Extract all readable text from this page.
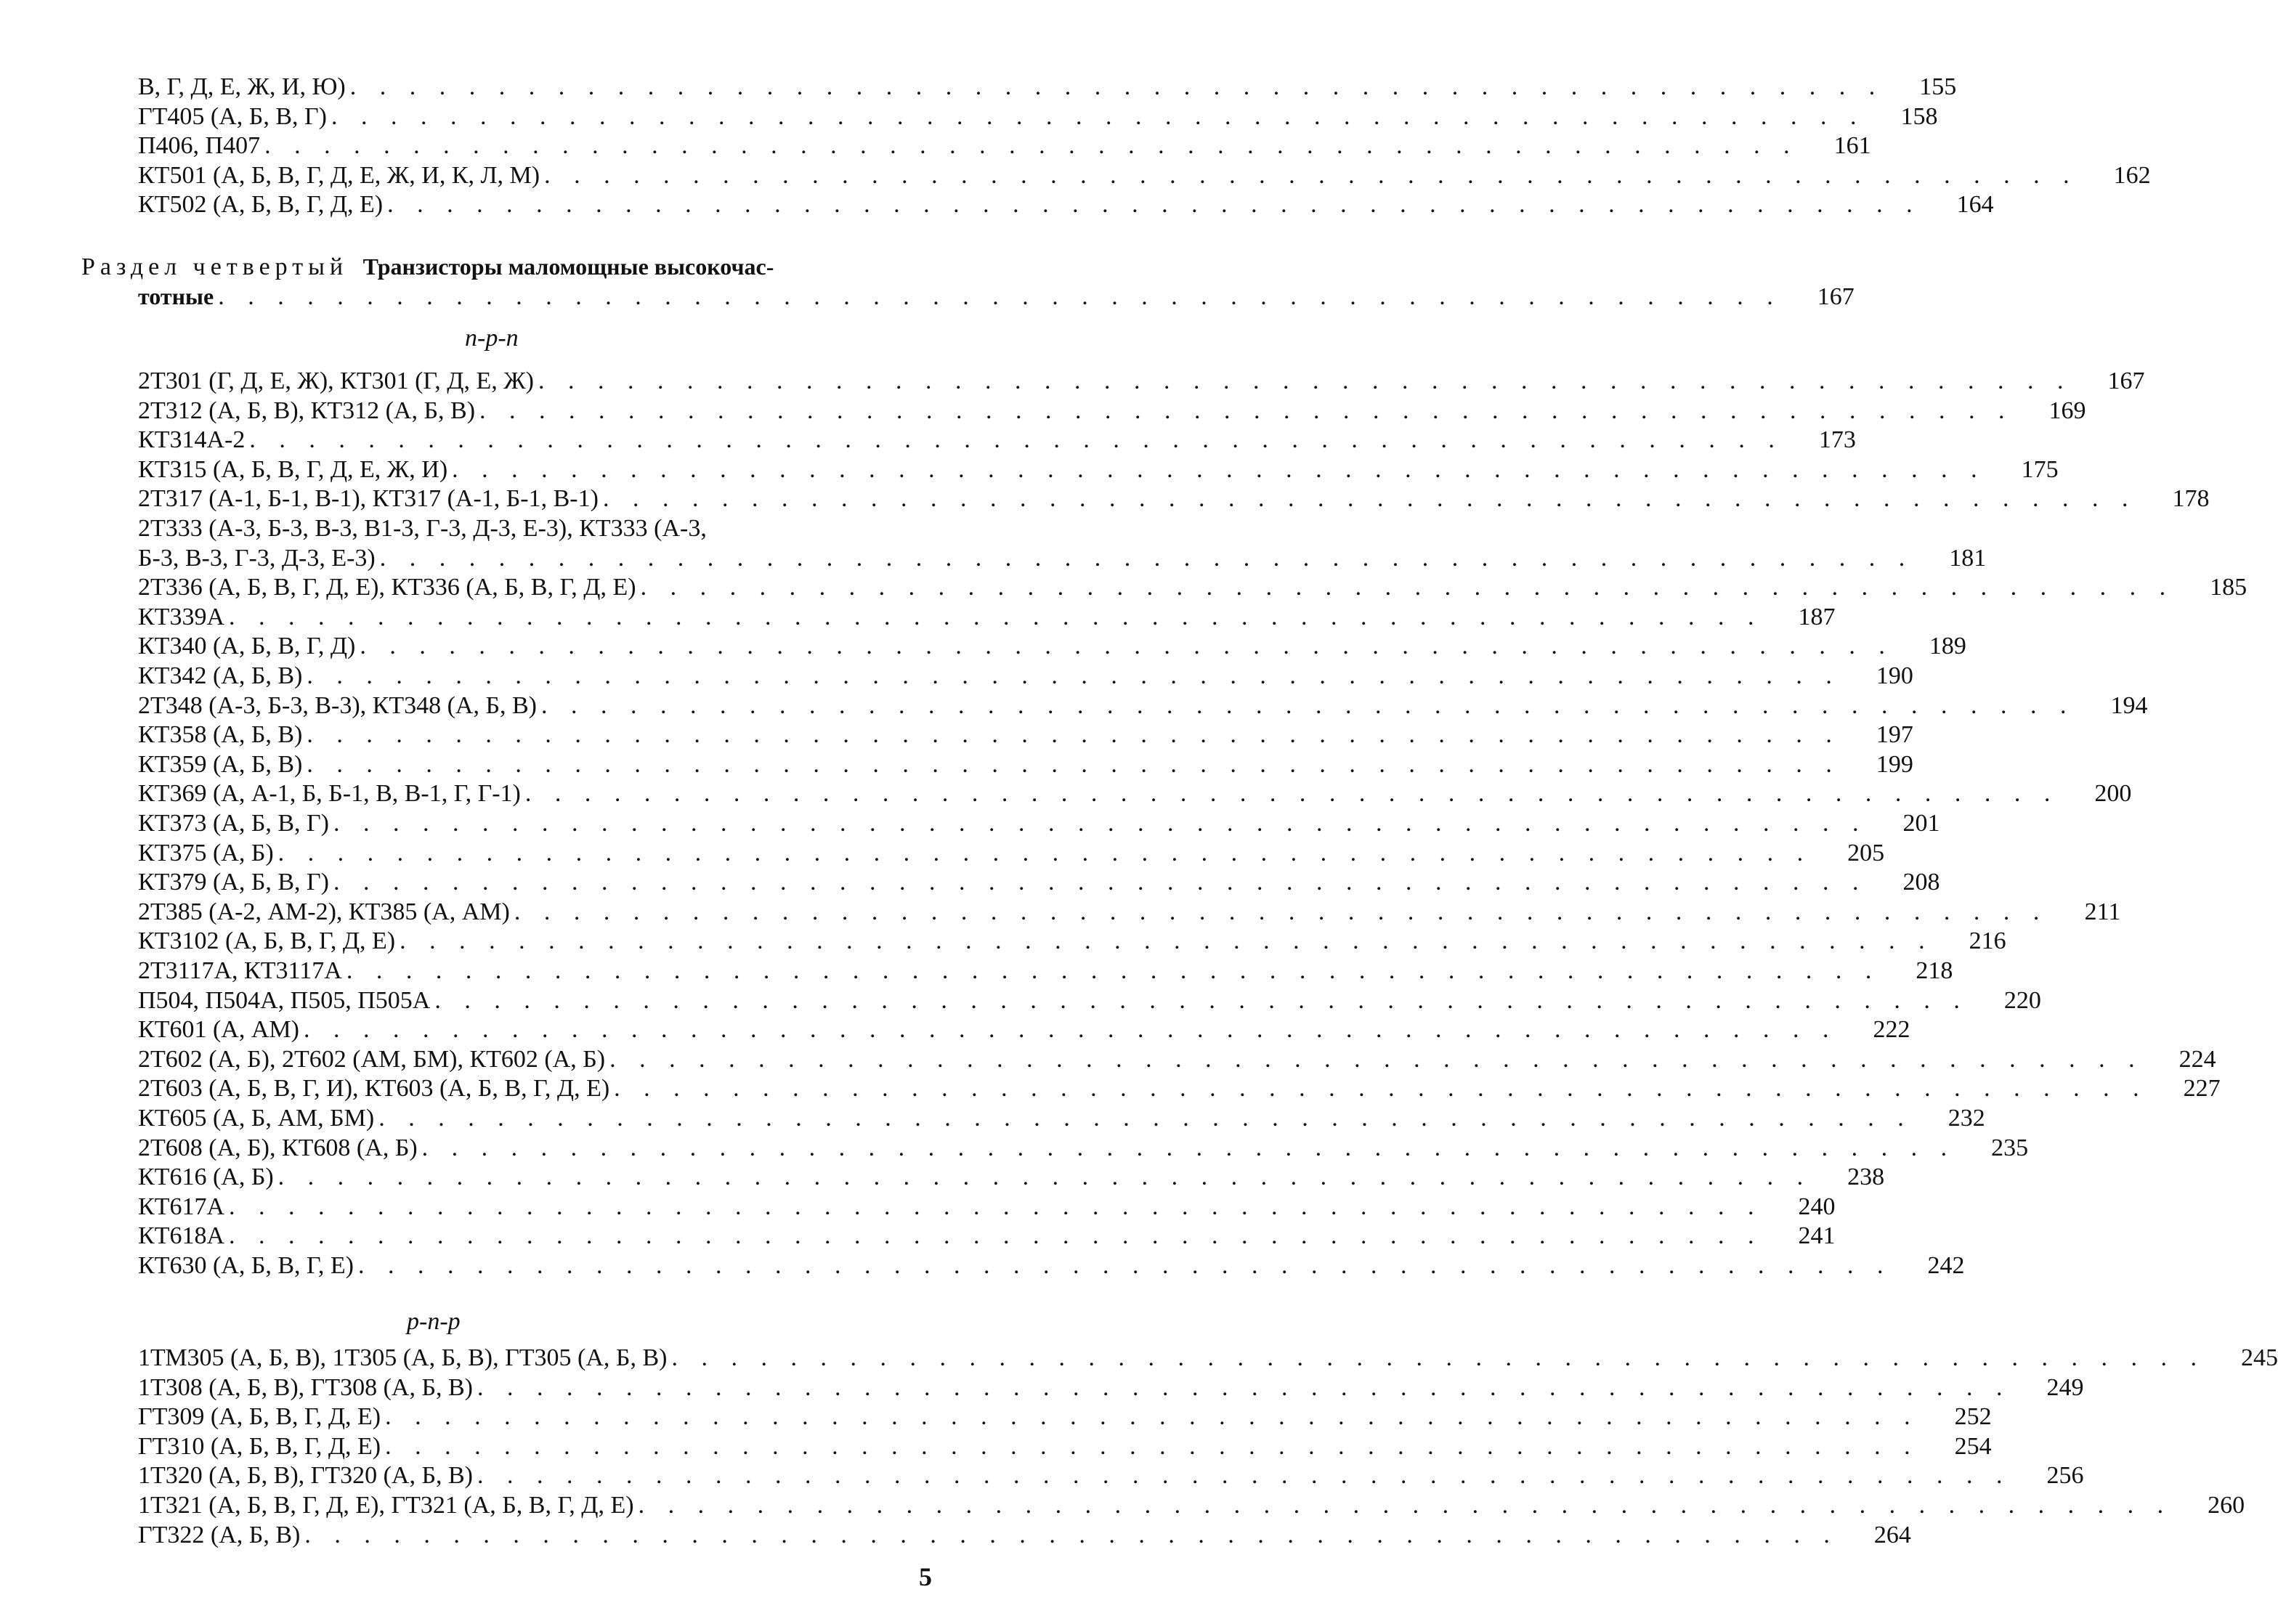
В, Г, Д, Е, Ж, И, Ю) . . . . . . . . . . . . . . . . . . . . . . . . . . . . . . . . . . . . . . . . . . . . . . . . . . . .	155
ГТ405 (А, Б, В, Г) . . . . . . . . . . . . . . . . . . . . . . . . . . . . . . . . . . . . . . . . . . . . . . . . . . . .	158
П406, П407 . . . . . . . . . . . . . . . . . . . . . . . . . . . . . . . . . . . . . . . . . . . . . . . . . . . .	161
КТ501 (А, Б, В, Г, Д, Е, Ж, И, К, Л, М) . . . . . . . . . . . . . . . . . . . . . . . . . . . . . . . . . . . . . . . . . . . . . . . . . . . .	162
КТ502 (А, Б, В, Г, Д, Е) . . . . . . . . . . . . . . . . . . . . . . . . . . . . . . . . . . . . . . . . . . . . . . . . . . . .	164
Раздел четвертый Транзисторы маломощные высокочас-
тотные . . . . . . . . . . . . . . . . . . . . . . . . . . . . . . . . . . . . . . . . . . . . . . . . . . . . .	167
n-p-n
2Т301 (Г, Д, Е, Ж), КТ301 (Г, Д, Е, Ж) . . . . . . . . . . . . . . . . . . . . . . . . . . . . . . . . . . . . . . . . . . . . . . . . . . . .	167
2Т312 (А, Б, В), КТ312 (А, Б, В) . . . . . . . . . . . . . . . . . . . . . . . . . . . . . . . . . . . . . . . . . . . . . . . . . . . .	169
КТ314А-2 . . . . . . . . . . . . . . . . . . . . . . . . . . . . . . . . . . . . . . . . . . . . . . . . . . . .	173
КТ315 (А, Б, В, Г, Д, Е, Ж, И) . . . . . . . . . . . . . . . . . . . . . . . . . . . . . . . . . . . . . . . . . . . . . . . . . . . .	175
2Т317 (А-1, Б-1, В-1), КТ317 (А-1, Б-1, В-1) . . . . . . . . . . . . . . . . . . . . . . . . . . . . . . . . . . . . . . . . . . . . . . . . . . . .	178
2Т333 (А-3, Б-3, В-3, В1-3, Г-3, Д-3, Е-3), КТ333 (А-3,
Б-3, В-3, Г-3, Д-3, Е-3) . . . . . . . . . . . . . . . . . . . . . . . . . . . . . . . . . . . . . . . . . . . . . . . . . . . .	181
2Т336 (А, Б, В, Г, Д, Е), КТ336 (А, Б, В, Г, Д, Е) . . . . . . . . . . . . . . . . . . . . . . . . . . . . . . . . . . . . . . . . . . . . . . . . . . . .	185
КТ339А . . . . . . . . . . . . . . . . . . . . . . . . . . . . . . . . . . . . . . . . . . . . . . . . . . . .	187
КТ340 (А, Б, В, Г, Д) . . . . . . . . . . . . . . . . . . . . . . . . . . . . . . . . . . . . . . . . . . . . . . . . . . . .	189
КТ342 (А, Б, В) . . . . . . . . . . . . . . . . . . . . . . . . . . . . . . . . . . . . . . . . . . . . . . . . . . . .	190
2Т348 (А-3, Б-3, В-3), КТ348 (А, Б, В) . . . . . . . . . . . . . . . . . . . . . . . . . . . . . . . . . . . . . . . . . . . . . . . . . . . .	194
КТ358 (А, Б, В) . . . . . . . . . . . . . . . . . . . . . . . . . . . . . . . . . . . . . . . . . . . . . . . . . . . .	197
КТ359 (А, Б, В) . . . . . . . . . . . . . . . . . . . . . . . . . . . . . . . . . . . . . . . . . . . . . . . . . . . .	199
КТ369 (А, А-1, Б, Б-1, В, В-1, Г, Г-1) . . . . . . . . . . . . . . . . . . . . . . . . . . . . . . . . . . . . . . . . . . . . . . . . . . . .	200
КТ373 (А, Б, В, Г) . . . . . . . . . . . . . . . . . . . . . . . . . . . . . . . . . . . . . . . . . . . . . . . . . . . .	201
КТ375 (А, Б) . . . . . . . . . . . . . . . . . . . . . . . . . . . . . . . . . . . . . . . . . . . . . . . . . . . .	205
КТ379 (А, Б, В, Г) . . . . . . . . . . . . . . . . . . . . . . . . . . . . . . . . . . . . . . . . . . . . . . . . . . . .	208
2Т385 (А-2, АМ-2), КТ385 (А, АМ) . . . . . . . . . . . . . . . . . . . . . . . . . . . . . . . . . . . . . . . . . . . . . . . . . . . .	211
КТ3102 (А, Б, В, Г, Д, Е) . . . . . . . . . . . . . . . . . . . . . . . . . . . . . . . . . . . . . . . . . . . . . . . . . . . .	216
2Т3117А, КТ3117А . . . . . . . . . . . . . . . . . . . . . . . . . . . . . . . . . . . . . . . . . . . . . . . . . . . .	218
П504, П504А, П505, П505А . . . . . . . . . . . . . . . . . . . . . . . . . . . . . . . . . . . . . . . . . . . . . . . . . . . .	220
КТ601 (А, АМ) . . . . . . . . . . . . . . . . . . . . . . . . . . . . . . . . . . . . . . . . . . . . . . . . . . . .	222
2Т602 (А, Б), 2Т602 (АМ, БМ), КТ602 (А, Б) . . . . . . . . . . . . . . . . . . . . . . . . . . . . . . . . . . . . . . . . . . . . . . . . . . . .	224
2Т603 (А, Б, В, Г, И), КТ603 (А, Б, В, Г, Д, Е) . . . . . . . . . . . . . . . . . . . . . . . . . . . . . . . . . . . . . . . . . . . . . . . . . . . .	227
КТ605 (А, Б, АМ, БМ) . . . . . . . . . . . . . . . . . . . . . . . . . . . . . . . . . . . . . . . . . . . . . . . . . . . .	232
2Т608 (А, Б), КТ608 (А, Б) . . . . . . . . . . . . . . . . . . . . . . . . . . . . . . . . . . . . . . . . . . . . . . . . . . . .	235
КТ616 (А, Б) . . . . . . . . . . . . . . . . . . . . . . . . . . . . . . . . . . . . . . . . . . . . . . . . . . . .	238
КТ617А . . . . . . . . . . . . . . . . . . . . . . . . . . . . . . . . . . . . . . . . . . . . . . . . . . . .	240
КТ618А . . . . . . . . . . . . . . . . . . . . . . . . . . . . . . . . . . . . . . . . . . . . . . . . . . . .	241
КТ630 (А, Б, В, Г, Е) . . . . . . . . . . . . . . . . . . . . . . . . . . . . . . . . . . . . . . . . . . . . . . . . . . . .	242
p-n-p
1ТМ305 (А, Б, В), 1Т305 (А, Б, В), ГТ305 (А, Б, В) . . . . . . . . . . . . . . . . . . . . . . . . . . . . . . . . . . . . . . . . . . . . . . . . . . . .	245
1Т308 (А, Б, В), ГТ308 (А, Б, В) . . . . . . . . . . . . . . . . . . . . . . . . . . . . . . . . . . . . . . . . . . . . . . . . . . . .	249
ГТ309 (А, Б, В, Г, Д, Е) . . . . . . . . . . . . . . . . . . . . . . . . . . . . . . . . . . . . . . . . . . . . . . . . . . . .	252
ГТ310 (А, Б, В, Г, Д, Е) . . . . . . . . . . . . . . . . . . . . . . . . . . . . . . . . . . . . . . . . . . . . . . . . . . . .	254
1Т320 (А, Б, В), ГТ320 (А, Б, В) . . . . . . . . . . . . . . . . . . . . . . . . . . . . . . . . . . . . . . . . . . . . . . . . . . . .	256
1Т321 (А, Б, В, Г, Д, Е), ГТ321 (А, Б, В, Г, Д, Е) . . . . . . . . . . . . . . . . . . . . . . . . . . . . . . . . . . . . . . . . . . . . . . . . . . . .	260
ГТ322 (А, Б, В) . . . . . . . . . . . . . . . . . . . . . . . . . . . . . . . . . . . . . . . . . . . . . . . . . . . .	264
5
